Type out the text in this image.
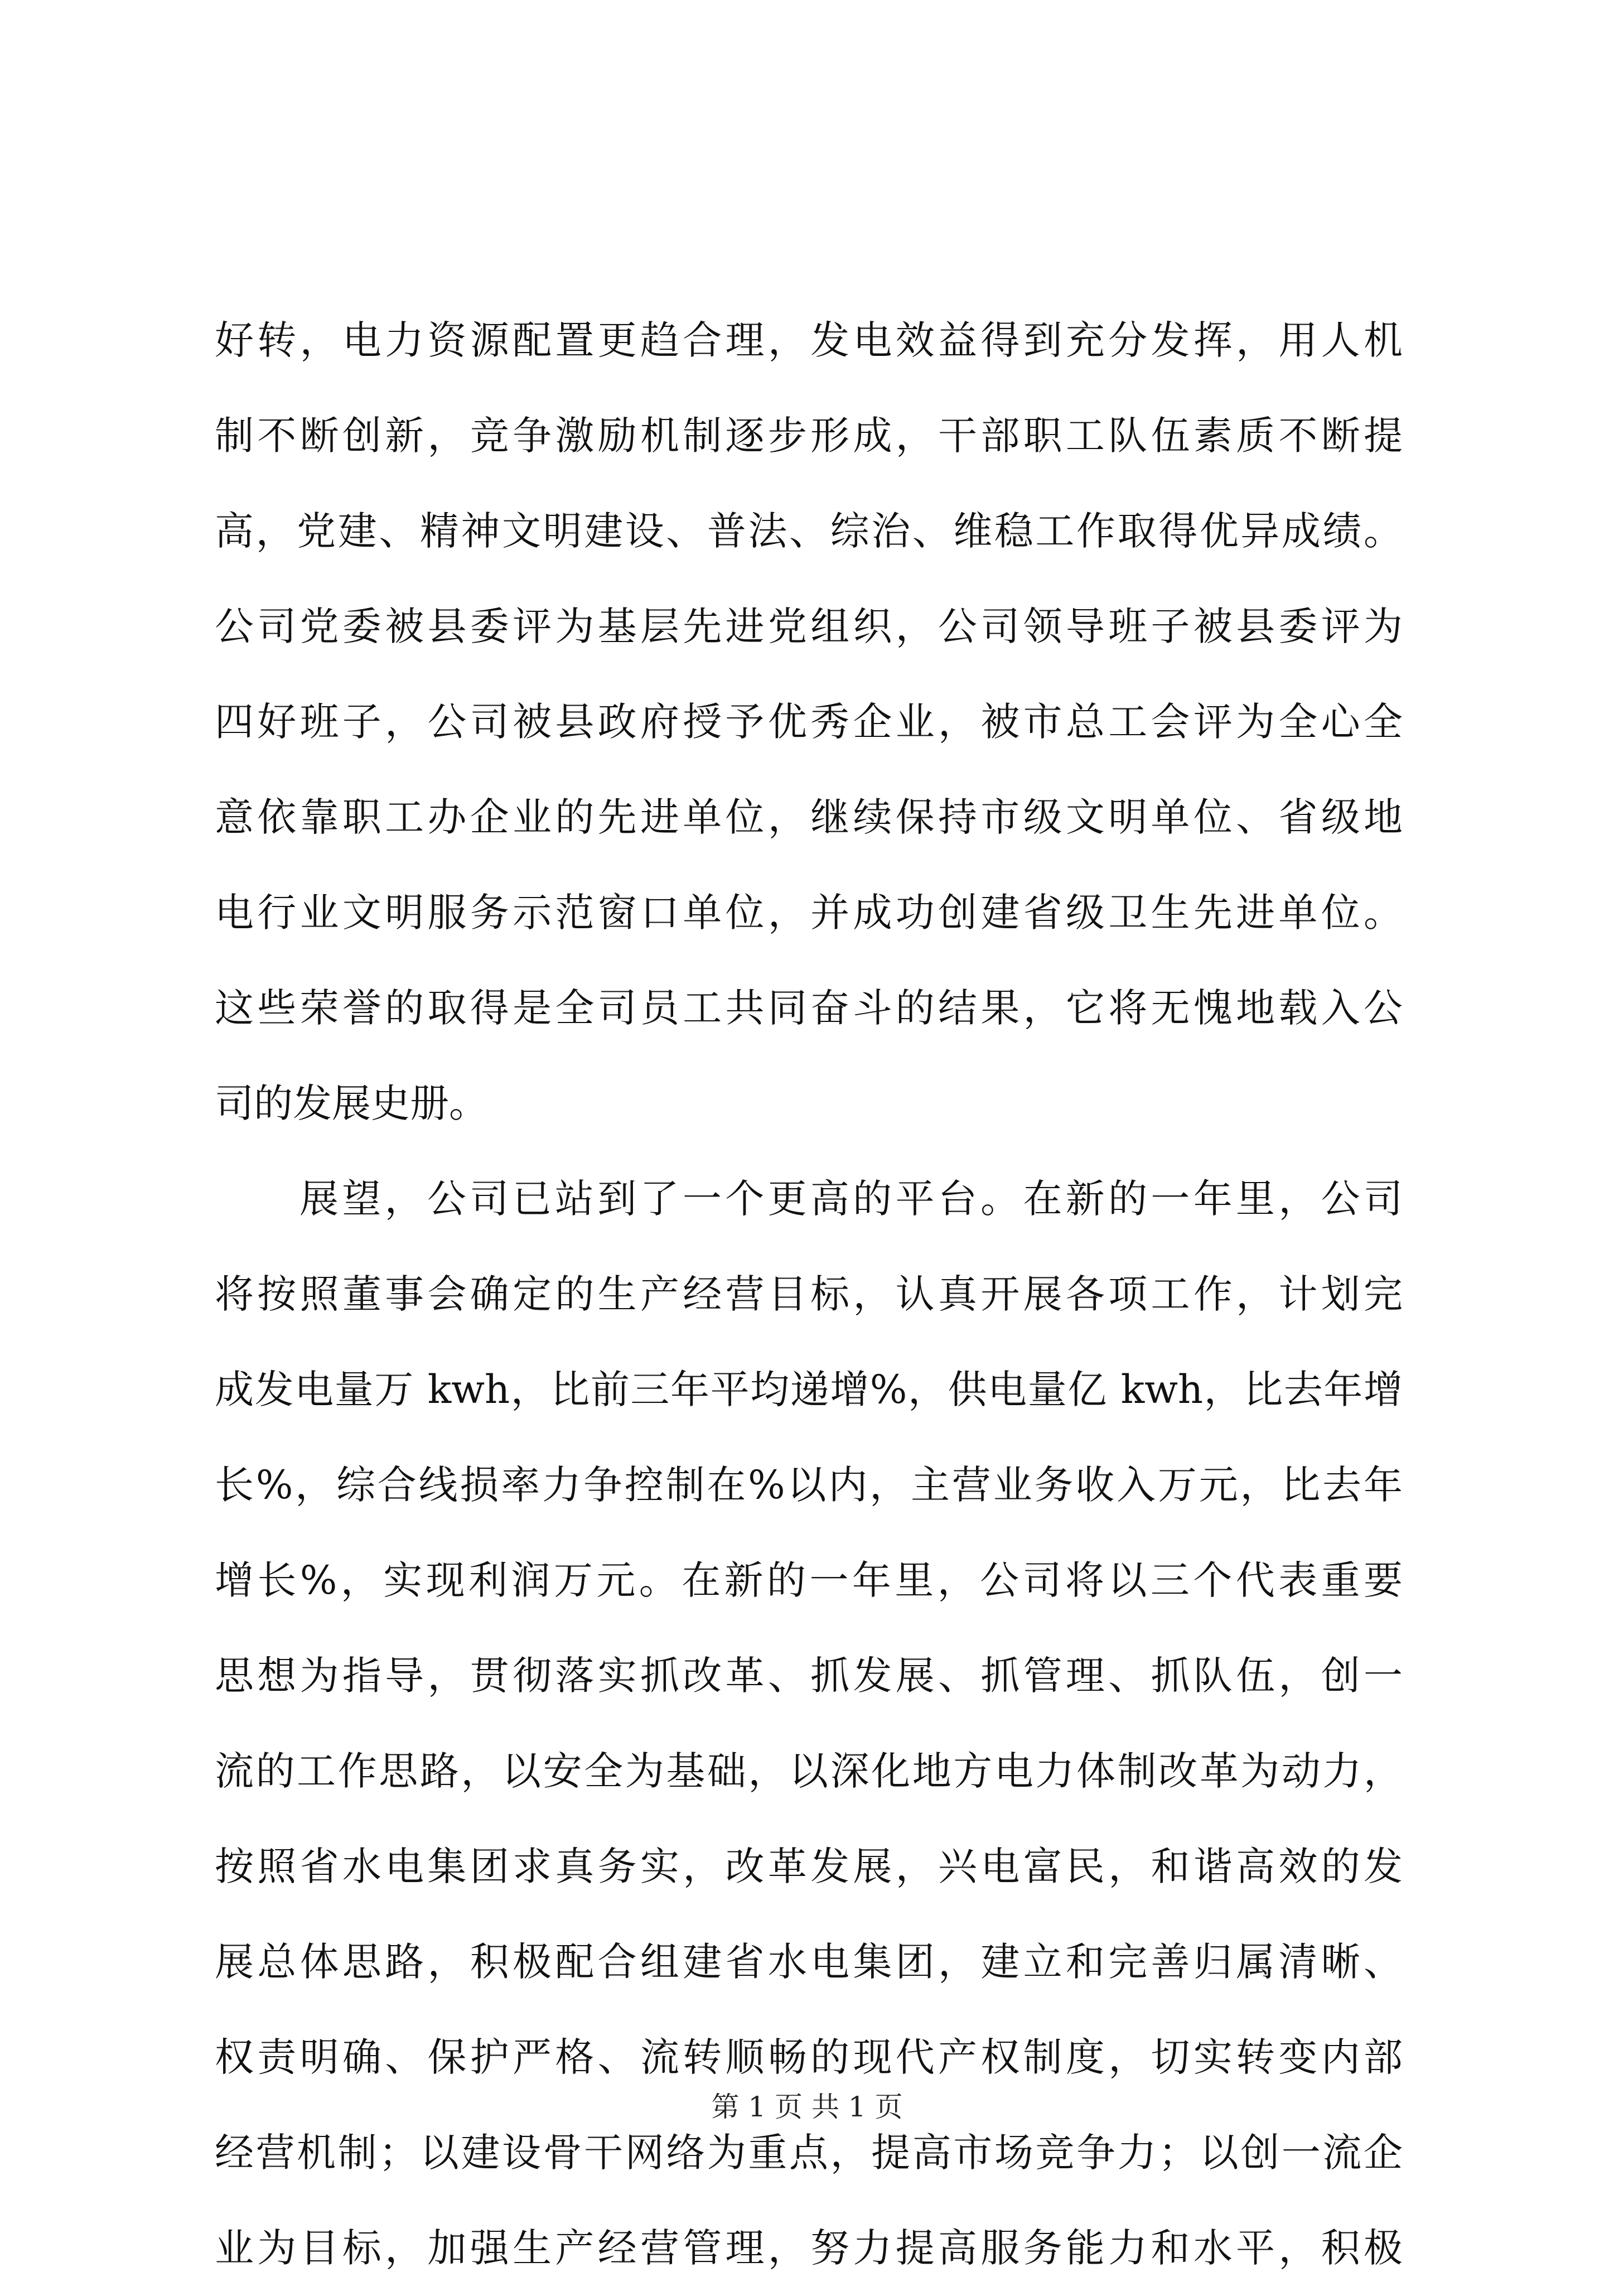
好转，电力资源配置更趋合理，发电效益得到充分发挥，用人机
制不断创新，竞争激励机制逐步形成，干部职工队伍素质不断提
高，党建、精神文明建设、普法、综治、维稳工作取得优异成绩。
公司党委被县委评为基层先进党组织，公司领导班子被县委评为
四好班子，公司被县政府授予优秀企业，被市总工会评为全心全
意依靠职工办企业的先进单位，继续保持市级文明单位、省级地
电行业文明服务示范窗口单位，并成功创建省级卫生先进单位。
这些荣誉的取得是全司员工共同奋斗的结果，它将无愧地载入公
司的发展史册。
展望，公司已站到了一个更高的平台。在新的一年里，公司
将按照董事会确定的生产经营目标，认真开展各项工作，计划完
成发电量万 kwh，比前三年平均递增%，供电量亿 kwh，比去年增
长%，综合线损率力争控制在%以内，主营业务收入万元，比去年
增长%，实现利润万元。在新的一年里，公司将以三个代表重要
思想为指导，贯彻落实抓改革、抓发展、抓管理、抓队伍，创一
流的工作思路，以安全为基础，以深化地方电力体制改革为动力，
按照省水电集团求真务实，改革发展，兴电富民，和谐高效的发
展总体思路，积极配合组建省水电集团，建立和完善归属清晰、
权责明确、保护严格、流转顺畅的现代产权制度，切实转变内部
经营机制；以建设骨干网络为重点，提高市场竞争力；以创一流企
业为目标，加强生产经营管理，努力提高服务能力和水平，积极
第 1 页 共 1 页
